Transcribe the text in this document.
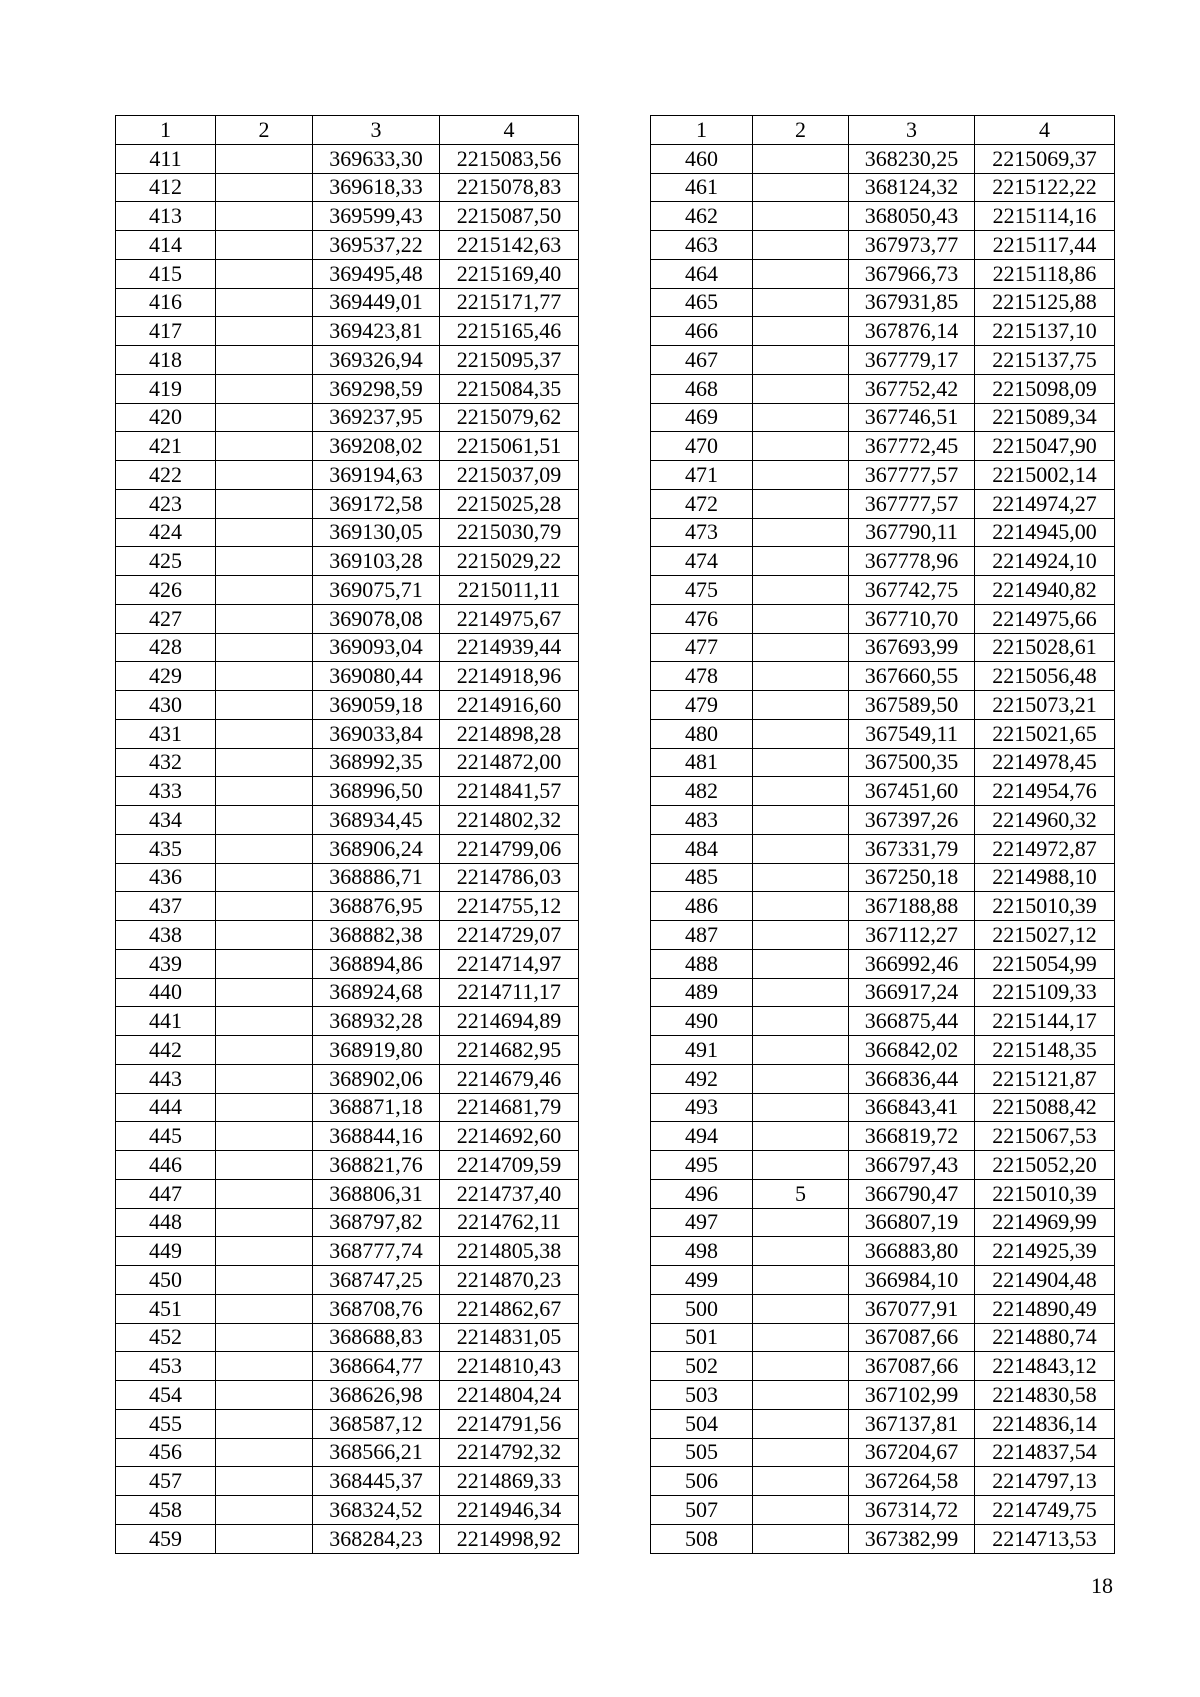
1	2	3	4
411		369633,30	2215083,56
412		369618,33	2215078,83
413		369599,43	2215087,50
414		369537,22	2215142,63
415		369495,48	2215169,40
416		369449,01	2215171,77
417		369423,81	2215165,46
418		369326,94	2215095,37
419		369298,59	2215084,35
420		369237,95	2215079,62
421		369208,02	2215061,51
422		369194,63	2215037,09
423		369172,58	2215025,28
424		369130,05	2215030,79
425		369103,28	2215029,22
426		369075,71	2215011,11
427		369078,08	2214975,67
428		369093,04	2214939,44
429		369080,44	2214918,96
430		369059,18	2214916,60
431		369033,84	2214898,28
432		368992,35	2214872,00
433		368996,50	2214841,57
434		368934,45	2214802,32
435		368906,24	2214799,06
436		368886,71	2214786,03
437		368876,95	2214755,12
438		368882,38	2214729,07
439		368894,86	2214714,97
440		368924,68	2214711,17
441		368932,28	2214694,89
442		368919,80	2214682,95
443		368902,06	2214679,46
444		368871,18	2214681,79
445		368844,16	2214692,60
446		368821,76	2214709,59
447		368806,31	2214737,40
448		368797,82	2214762,11
449		368777,74	2214805,38
450		368747,25	2214870,23
451		368708,76	2214862,67
452		368688,83	2214831,05
453		368664,77	2214810,43
454		368626,98	2214804,24
455		368587,12	2214791,56
456		368566,21	2214792,32
457		368445,37	2214869,33
458		368324,52	2214946,34
459		368284,23	2214998,92
1	2	3	4
460		368230,25	2215069,37
461		368124,32	2215122,22
462		368050,43	2215114,16
463		367973,77	2215117,44
464		367966,73	2215118,86
465		367931,85	2215125,88
466		367876,14	2215137,10
467		367779,17	2215137,75
468		367752,42	2215098,09
469		367746,51	2215089,34
470		367772,45	2215047,90
471		367777,57	2215002,14
472		367777,57	2214974,27
473		367790,11	2214945,00
474		367778,96	2214924,10
475		367742,75	2214940,82
476		367710,70	2214975,66
477		367693,99	2215028,61
478		367660,55	2215056,48
479		367589,50	2215073,21
480		367549,11	2215021,65
481		367500,35	2214978,45
482		367451,60	2214954,76
483		367397,26	2214960,32
484		367331,79	2214972,87
485		367250,18	2214988,10
486		367188,88	2215010,39
487		367112,27	2215027,12
488		366992,46	2215054,99
489		366917,24	2215109,33
490		366875,44	2215144,17
491		366842,02	2215148,35
492		366836,44	2215121,87
493		366843,41	2215088,42
494		366819,72	2215067,53
495		366797,43	2215052,20
496	5	366790,47	2215010,39
497		366807,19	2214969,99
498		366883,80	2214925,39
499		366984,10	2214904,48
500		367077,91	2214890,49
501		367087,66	2214880,74
502		367087,66	2214843,12
503		367102,99	2214830,58
504		367137,81	2214836,14
505		367204,67	2214837,54
506		367264,58	2214797,13
507		367314,72	2214749,75
508		367382,99	2214713,53
18
